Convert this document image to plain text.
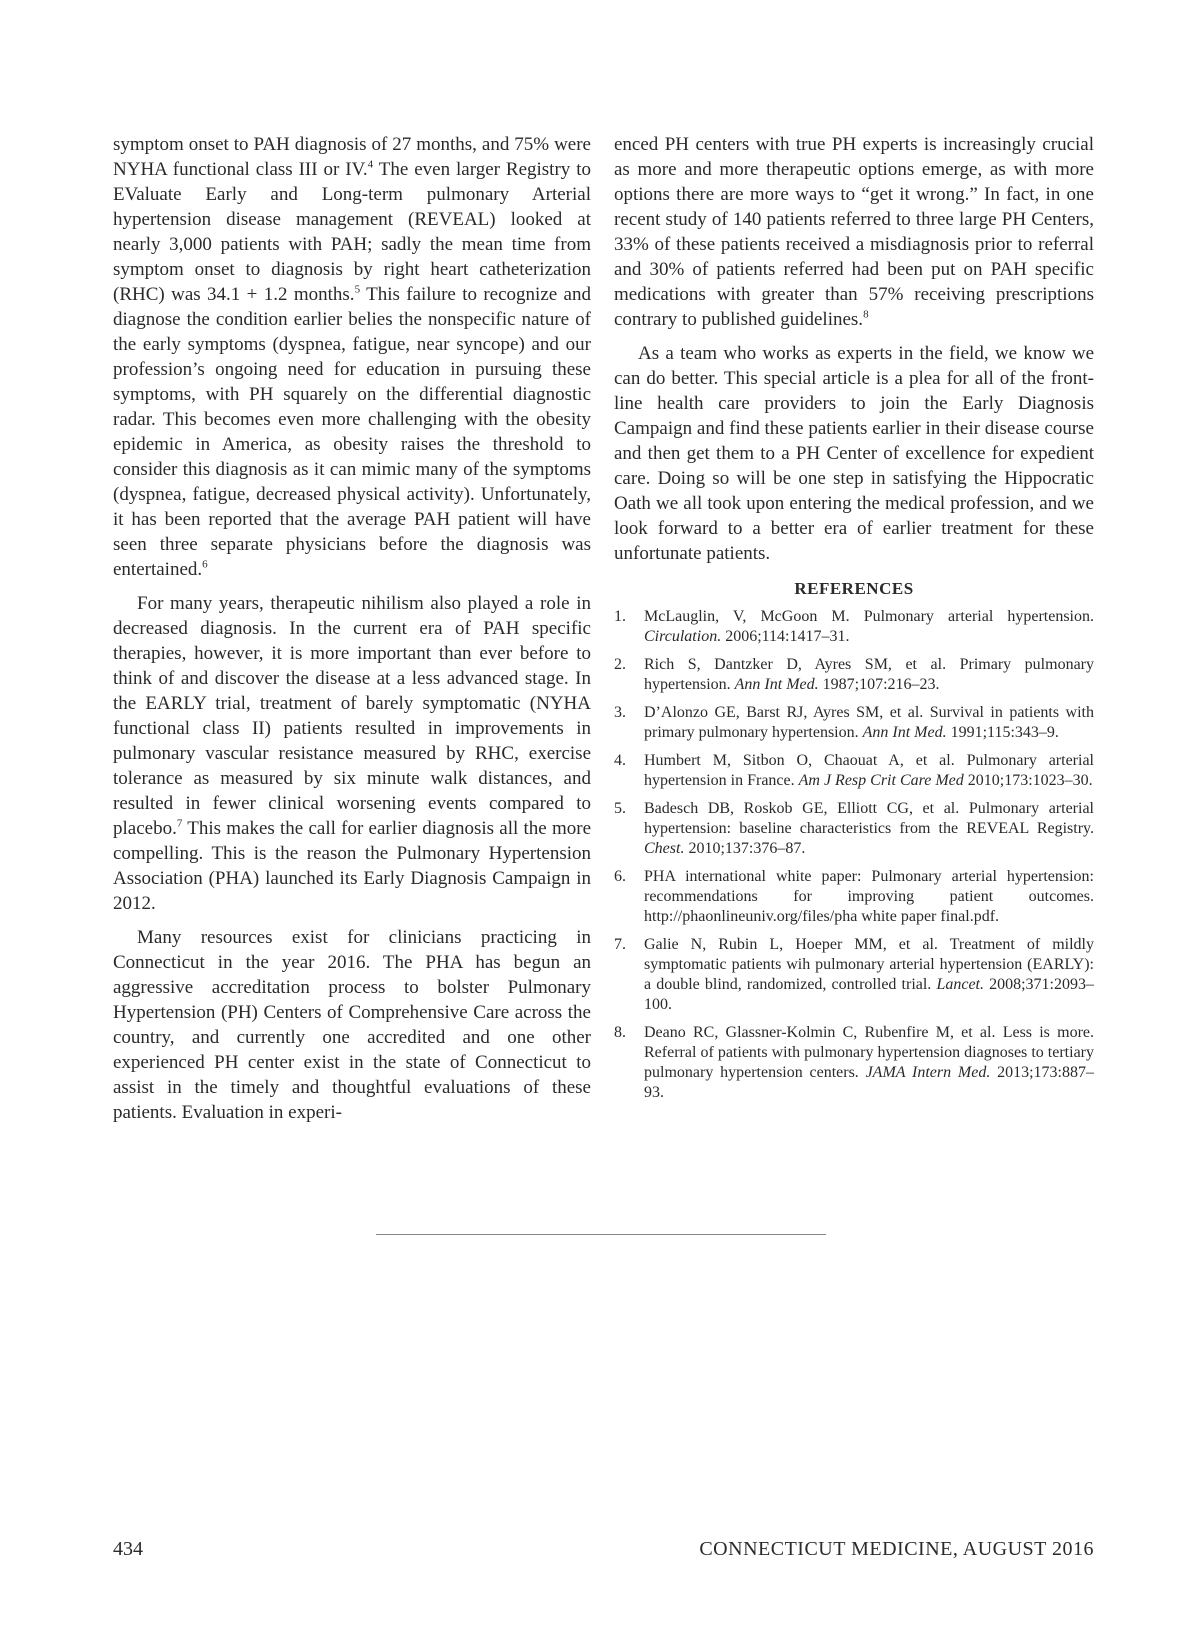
symptom onset to PAH diagnosis of 27 months, and 75% were NYHA functional class III or IV.$^4$ The even larger Registry to EValuate Early and Long-term pulmonary Arterial hypertension disease management (REVEAL) looked at nearly 3,000 patients with PAH; sadly the mean time from symptom onset to diagnosis by right heart catheterization (RHC) was 34.1 + 1.2 months.$^5$ This failure to recognize and diagnose the condition earlier belies the nonspecific nature of the early symptoms (dyspnea, fatigue, near syncope) and our profession’s ongoing need for education in pursuing these symptoms, with PH squarely on the differential diagnostic radar. This becomes even more challenging with the obesity epidemic in America, as obesity raises the threshold to consider this diagnosis as it can mimic many of the symptoms (dyspnea, fatigue, decreased physical activity). Unfortunately, it has been reported that the average PAH patient will have seen three separate physicians before the diagnosis was entertained.$^6$

For many years, therapeutic nihilism also played a role in decreased diagnosis. In the current era of PAH specific therapies, however, it is more important than ever before to think of and discover the disease at a less advanced stage. In the EARLY trial, treatment of barely symptomatic (NYHA functional class II) patients resulted in improvements in pulmonary vascular resistance measured by RHC, exercise tolerance as measured by six minute walk distances, and resulted in fewer clinical worsening events compared to placebo.$^7$ This makes the call for earlier diagnosis all the more compelling. This is the reason the Pulmonary Hypertension Association (PHA) launched its Early Diagnosis Campaign in 2012.

Many resources exist for clinicians practicing in Connecticut in the year 2016. The PHA has begun an aggressive accreditation process to bolster Pulmonary Hypertension (PH) Centers of Comprehensive Care across the country, and currently one accredited and one other experienced PH center exist in the state of Connecticut to assist in the timely and thoughtful evaluations of these patients. Evaluation in experi-

enced PH centers with true PH experts is increasingly crucial as more and more therapeutic options emerge, as with more options there are more ways to “get it wrong.” In fact, in one recent study of 140 patients referred to three large PH Centers, 33% of these patients received a misdiagnosis prior to referral and 30% of patients referred had been put on PAH specific medications with greater than 57% receiving prescriptions contrary to published guidelines.$^8$

As a team who works as experts in the field, we know we can do better. This special article is a plea for all of the front-line health care providers to join the Early Diagnosis Campaign and find these patients earlier in their disease course and then get them to a PH Center of excellence for expedient care. Doing so will be one step in satisfying the Hippocratic Oath we all took upon entering the medical profession, and we look forward to a better era of earlier treatment for these unfortunate patients.

REFERENCES
1.	McLauglin, V, McGoon M. Pulmonary arterial hypertension. Circulation. 2006;114:1417–31.
2.	Rich S, Dantzker D, Ayres SM, et al. Primary pulmonary hypertension. Ann Int Med. 1987;107:216–23.
3.	D’Alonzo GE, Barst RJ, Ayres SM, et al. Survival in patients with primary pulmonary hypertension. Ann Int Med. 1991;115:343–9.
4.	Humbert M, Sitbon O, Chaouat A, et al. Pulmonary arterial hypertension in France. Am J Resp Crit Care Med 2010;173:1023–30.
5.	Badesch DB, Roskob GE, Elliott CG, et al. Pulmonary arterial hypertension: baseline characteristics from the REVEAL Registry. Chest. 2010;137:376–87.
6.	PHA international white paper: Pulmonary arterial hypertension: recommendations for improving patient outcomes. http://phaonlineuniv.org/files/pha white paper final.pdf.
7.	Galie N, Rubin L, Hoeper MM, et al. Treatment of mildly symptomatic patients wih pulmonary arterial hypertension (EARLY): a double blind, randomized, controlled trial. Lancet. 2008;371:2093–100.
8.	Deano RC, Glassner-Kolmin C, Rubenfire M, et al. Less is more. Referral of patients with pulmonary hypertension diagnoses to tertiary pulmonary hypertension centers. JAMA Intern Med. 2013;173:887–93.
434	CONNECTICUT MEDICINE, AUGUST 2016
